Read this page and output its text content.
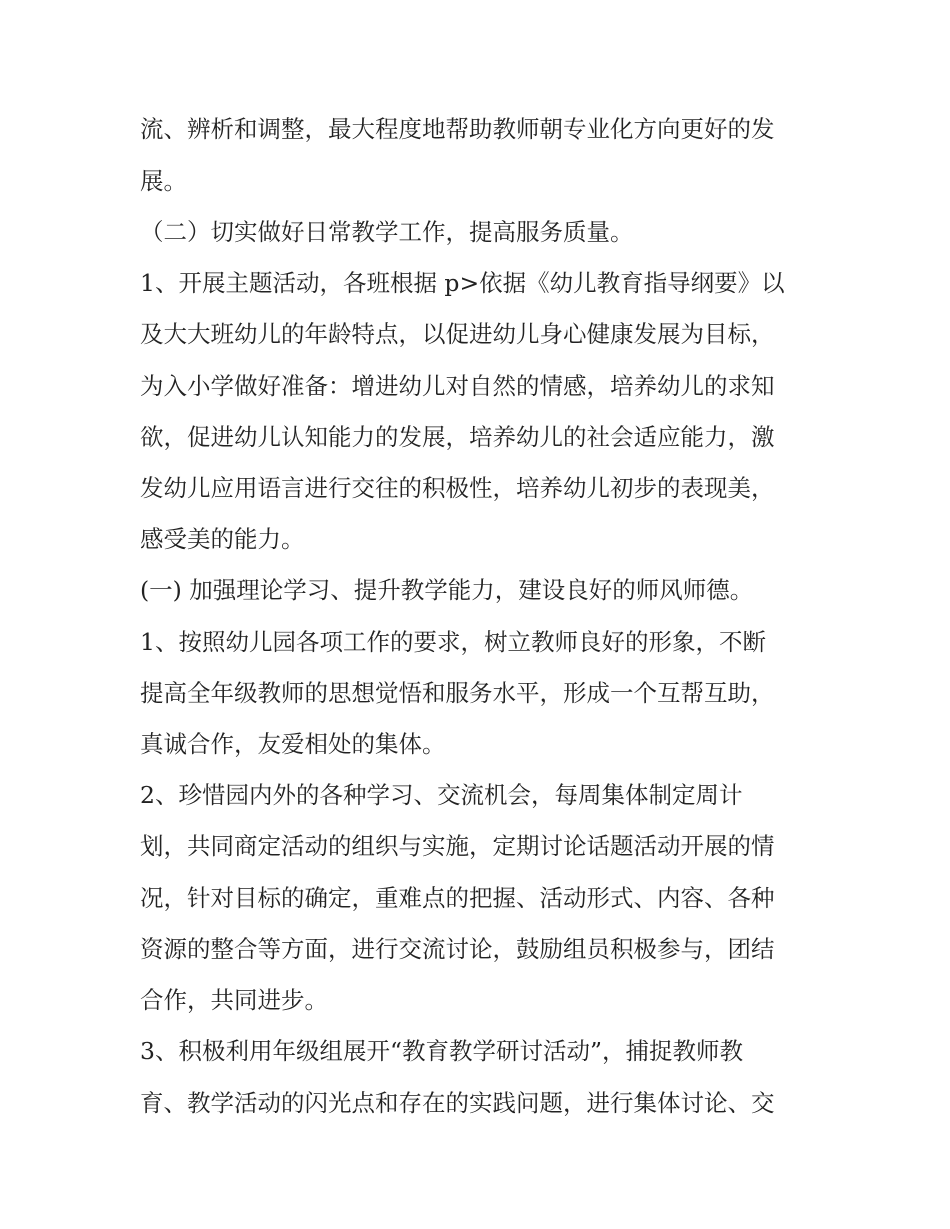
流、辨析和调整，最大程度地帮助教师朝专业化方向更好的发
展。
（二）切实做好日常教学工作，提高服务质量。
1、开展主题活动，各班根据 p>依据《幼儿教育指导纲要》以
及大大班幼儿的年龄特点，以促进幼儿身心健康发展为目标，
为入小学做好准备：增进幼儿对自然的情感，培养幼儿的求知
欲，促进幼儿认知能力的发展，培养幼儿的社会适应能力，激
发幼儿应用语言进行交往的积极性，培养幼儿初步的表现美，
感受美的能力。
(一) 加强理论学习、提升教学能力，建设良好的师风师德。
1、按照幼儿园各项工作的要求，树立教师良好的形象，不断
提高全年级教师的思想觉悟和服务水平，形成一个互帮互助，
真诚合作，友爱相处的集体。
2、珍惜园内外的各种学习、交流机会，每周集体制定周计
划，共同商定活动的组织与实施，定期讨论话题活动开展的情
况，针对目标的确定，重难点的把握、活动形式、内容、各种
资源的整合等方面，进行交流讨论，鼓励组员积极参与，团结
合作，共同进步。
3、积极利用年级组展开“教育教学研讨活动”，捕捉教师教
育、教学活动的闪光点和存在的实践问题，进行集体讨论、交
